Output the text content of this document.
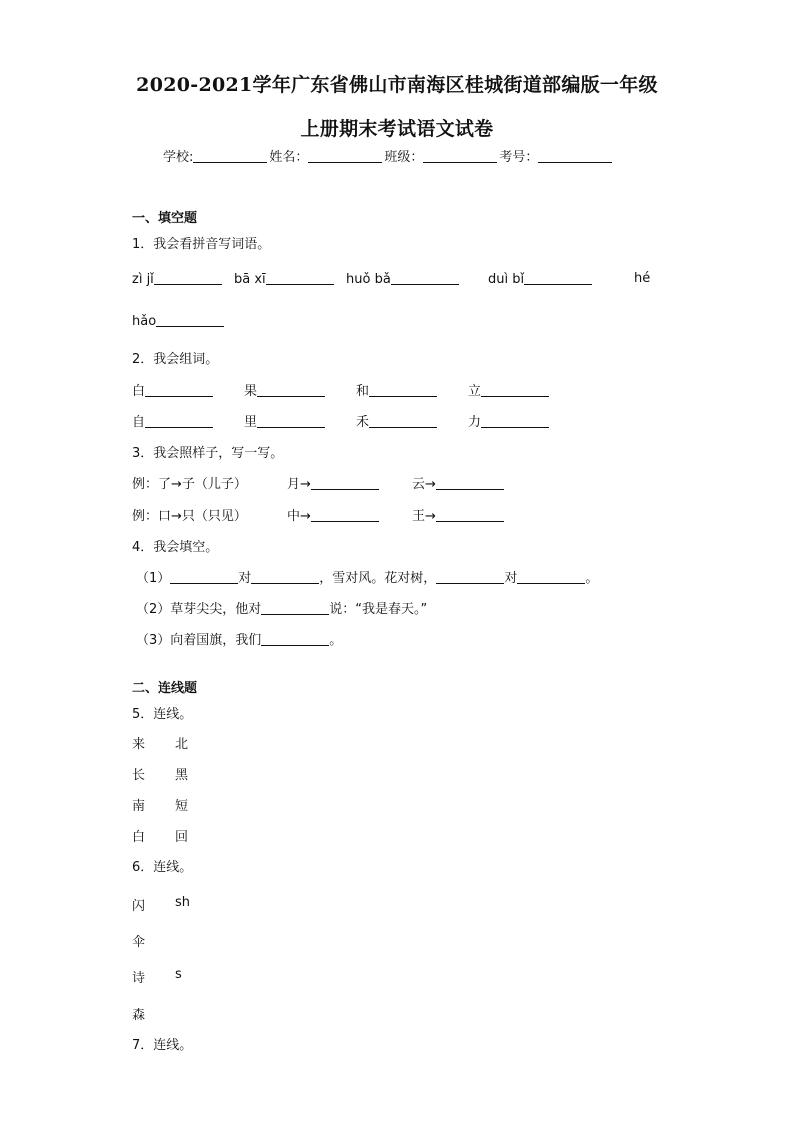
2020-2021学年广东省佛山市南海区桂城街道部编版一年级
上册期末考试语文试卷
学校:	姓名：	班级：	考号：
一、填空题
1．我会看拼音写词语。
zì jǐ	bā xī	huǒ bǎ	duì bǐ	hé
hǎo
2．我会组词。
白	果	和	立
自	里	禾	力
3．我会照样子，写一写。
例：了→子（儿子）	月→	云→
例：口→只（只见）	中→	王→
4．我会填空。
（1）	对	，雪对风。花对树，	对	。
（2）草芽尖尖，他对	说：“我是春天。”
（3）向着国旗，我们	。
二、连线题
5．连线。
来 北
长 黑
南 短
白 回
6．连线。
闪 sh
伞
诗 s
森
7．连线。
